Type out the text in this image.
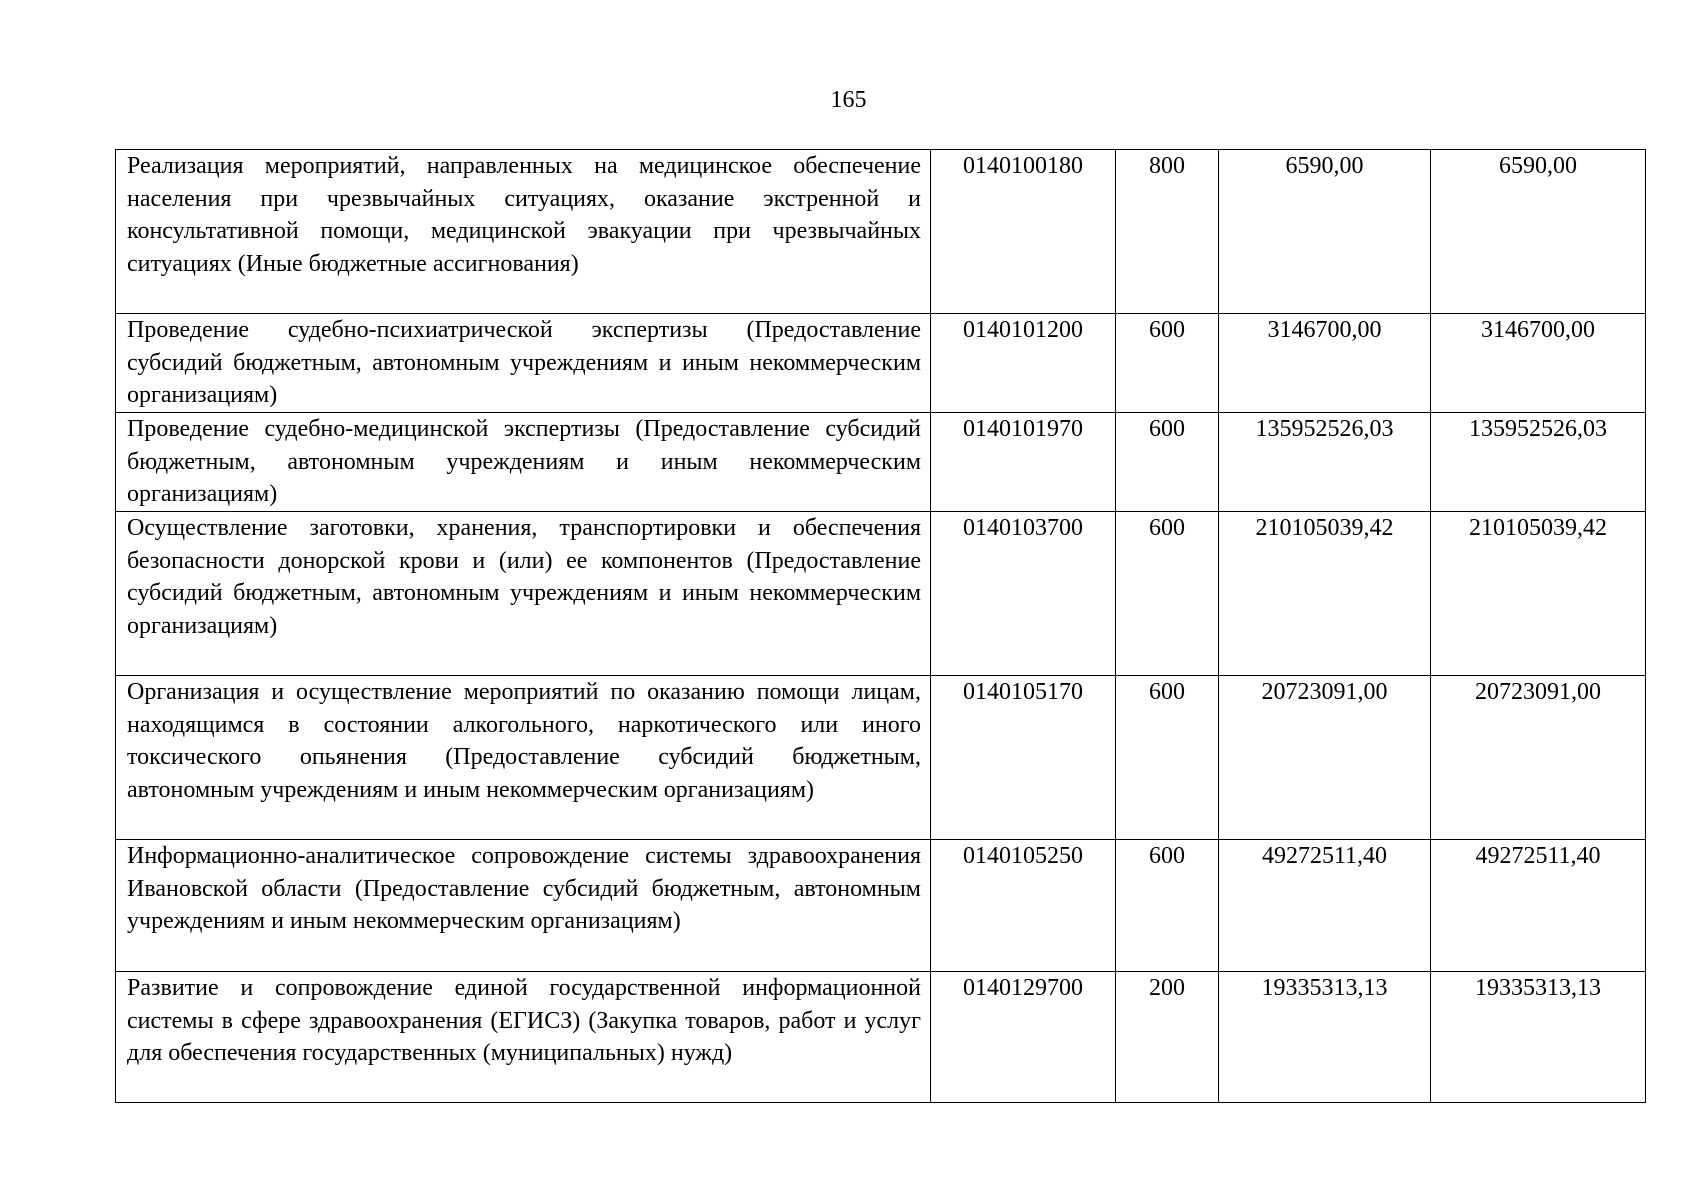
165
Реализация мероприятий, направленных на медицинское обеспечение населения при чрезвычайных ситуациях, оказание экстренной и консультативной помощи, медицинской эвакуации при чрезвычайных ситуациях (Иные бюджетные ассигнования)	0140100180	800	6590,00	6590,00
Проведение судебно-психиатрической экспертизы (Предоставление субсидий бюджетным, автономным учреждениям и иным некоммерческим организациям)	0140101200	600	3146700,00	3146700,00
Проведение судебно-медицинской экспертизы (Предоставление субсидий бюджетным, автономным учреждениям и иным некоммерческим организациям)	0140101970	600	135952526,03	135952526,03
Осуществление заготовки, хранения, транспортировки и обеспечения безопасности донорской крови и (или) ее компонентов (Предоставление субсидий бюджетным, автономным учреждениям и иным некоммерческим организациям)	0140103700	600	210105039,42	210105039,42
Организация и осуществление мероприятий по оказанию помощи лицам, находящимся в состоянии алкогольного, наркотического или иного токсического опьянения (Предоставление субсидий бюджетным, автономным учреждениям и иным некоммерческим организациям)	0140105170	600	20723091,00	20723091,00
Информационно-аналитическое сопровождение системы здравоохранения Ивановской области (Предоставление субсидий бюджетным, автономным учреждениям и иным некоммерческим организациям)	0140105250	600	49272511,40	49272511,40
Развитие и сопровождение единой государственной информационной системы в сфере здравоохранения (ЕГИСЗ) (Закупка товаров, работ и услуг для обеспечения государственных (муниципальных) нужд)	0140129700	200	19335313,13	19335313,13
